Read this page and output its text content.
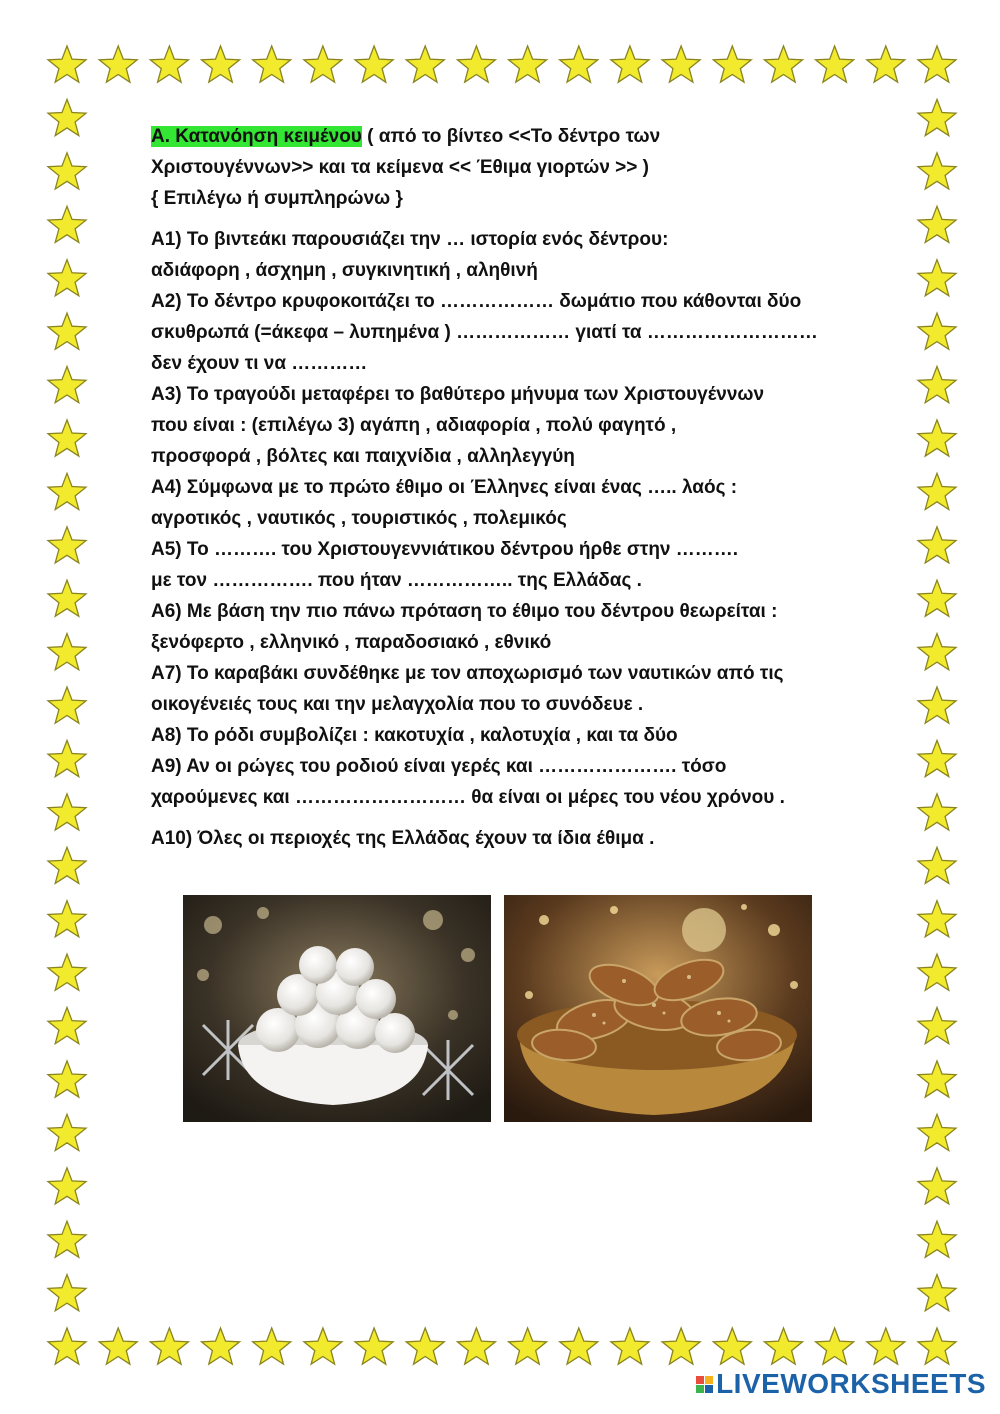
Α. Κατανόηση κειμένου ( από το βίντεο <<Το δέντρο των
Χριστουγέννων>> και τα κείμενα << Έθιμα γιορτών >> )
{ Επιλέγω ή συμπληρώνω }
Α1) Το βιντεάκι παρουσιάζει την … ιστορία ενός δέντρου:
αδιάφορη , άσχημη , συγκινητική , αληθινή
Α2) Το δέντρο κρυφοκοιτάζει το ……………… δωμάτιο που κάθονται δύο
σκυθρωπά (=άκεφα – λυπημένα ) ……………… γιατί τα ………………………
δεν έχουν τι να …………
Α3) Το τραγούδι μεταφέρει το βαθύτερο μήνυμα των Χριστουγέννων
που είναι : (επιλέγω 3) αγάπη , αδιαφορία , πολύ φαγητό ,
προσφορά , βόλτες και παιχνίδια , αλληλεγγύη
Α4) Σύμφωνα με το πρώτο έθιμο οι Έλληνες είναι ένας ….. λαός :
αγροτικός , ναυτικός , τουριστικός , πολεμικός
Α5) Το ………. του Χριστουγεννιάτικου δέντρου ήρθε στην ……….
με τον ……………. που ήταν …………….. της Ελλάδας .
Α6) Με βάση την πιο πάνω πρόταση το έθιμο του δέντρου θεωρείται :
ξενόφερτο , ελληνικό , παραδοσιακό , εθνικό
Α7) Το καραβάκι συνδέθηκε με τον αποχωρισμό των ναυτικών από τις
οικογένειές τους και την μελαγχολία που το συνόδευε .
Α8) Το ρόδι συμβολίζει : κακοτυχία , καλοτυχία , και τα δύο
Α9) Αν οι ρώγες του ροδιού είναι γερές και …………………. τόσο
χαρούμενες και ……………………… θα είναι οι μέρες του νέου χρόνου .
Α10) Όλες οι περιοχές της Ελλάδας έχουν τα ίδια έθιμα .
LIVEWORKSHEETS
